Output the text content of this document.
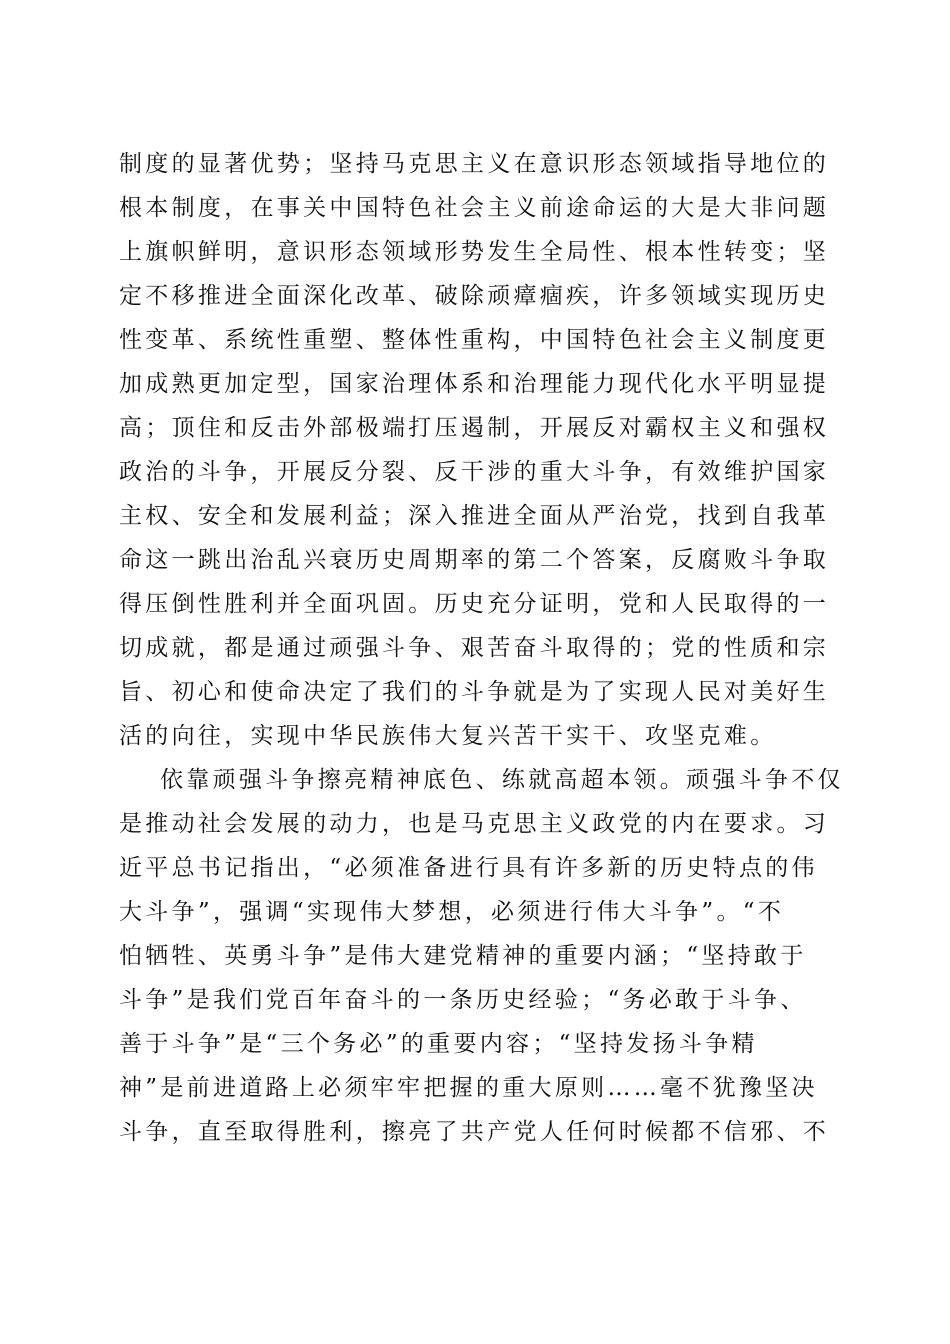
制度的显著优势；坚持马克思主义在意识形态领域指导地位的
根本制度，在事关中国特色社会主义前途命运的大是大非问题
上旗帜鲜明，意识形态领域形势发生全局性、根本性转变；坚
定不移推进全面深化改革、破除顽瘴痼疾，许多领域实现历史
性变革、系统性重塑、整体性重构，中国特色社会主义制度更
加成熟更加定型，国家治理体系和治理能力现代化水平明显提
高；顶住和反击外部极端打压遏制，开展反对霸权主义和强权
政治的斗争，开展反分裂、反干涉的重大斗争，有效维护国家
主权、安全和发展利益；深入推进全面从严治党，找到自我革
命这一跳出治乱兴衰历史周期率的第二个答案，反腐败斗争取
得压倒性胜利并全面巩固。历史充分证明，党和人民取得的一
切成就，都是通过顽强斗争、艰苦奋斗取得的；党的性质和宗
旨、初心和使命决定了我们的斗争就是为了实现人民对美好生
活的向往，实现中华民族伟大复兴苦干实干、攻坚克难。
依靠顽强斗争擦亮精神底色、练就高超本领。顽强斗争不仅
是推动社会发展的动力，也是马克思主义政党的内在要求。习
近平总书记指出，“必须准备进行具有许多新的历史特点的伟
大斗争”，强调“实现伟大梦想，必须进行伟大斗争”。“不
怕牺牲、英勇斗争”是伟大建党精神的重要内涵；“坚持敢于
斗争”是我们党百年奋斗的一条历史经验；“务必敢于斗争、
善于斗争”是“三个务必”的重要内容；“坚持发扬斗争精
神”是前进道路上必须牢牢把握的重大原则……毫不犹豫坚决
斗争，直至取得胜利，擦亮了共产党人任何时候都不信邪、不
